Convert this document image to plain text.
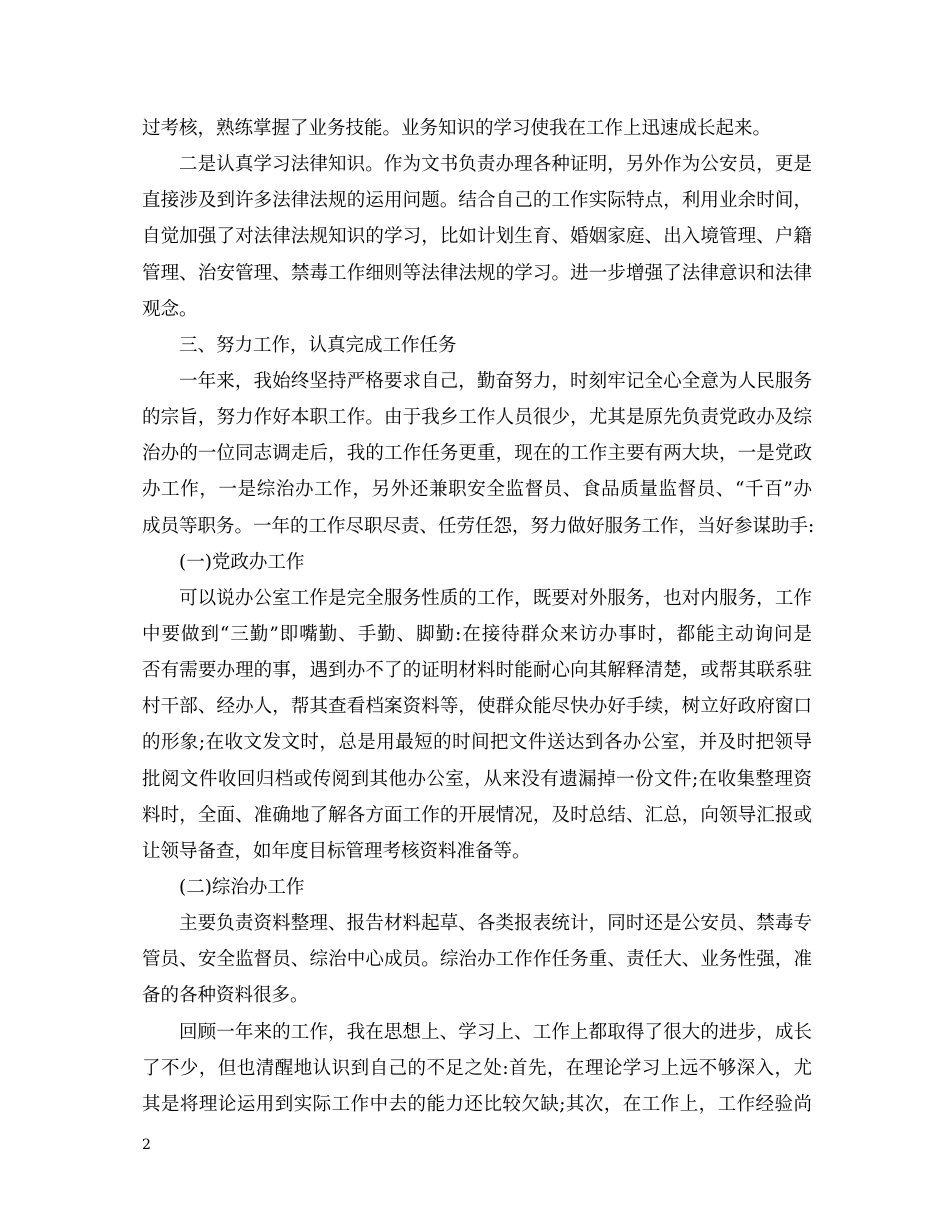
过考核，熟练掌握了业务技能。业务知识的学习使我在工作上迅速成长起来。
二是认真学习法律知识。作为文书负责办理各种证明，另外作为公安员，更是
直接涉及到许多法律法规的运用问题。结合自己的工作实际特点，利用业余时间，
自觉加强了对法律法规知识的学习，比如计划生育、婚姻家庭、出入境管理、户籍
管理、治安管理、禁毒工作细则等法律法规的学习。进一步增强了法律意识和法律
观念。
三、努力工作，认真完成工作任务
一年来，我始终坚持严格要求自己，勤奋努力，时刻牢记全心全意为人民服务
的宗旨，努力作好本职工作。由于我乡工作人员很少，尤其是原先负责党政办及综
治办的一位同志调走后，我的工作任务更重，现在的工作主要有两大块，一是党政
办工作，一是综治办工作，另外还兼职安全监督员、食品质量监督员、“千百”办
成员等职务。一年的工作尽职尽责、任劳任怨，努力做好服务工作，当好参谋助手:
(一)党政办工作
可以说办公室工作是完全服务性质的工作，既要对外服务，也对内服务，工作
中要做到“三勤”即嘴勤、手勤、脚勤:在接待群众来访办事时，都能主动询问是
否有需要办理的事，遇到办不了的证明材料时能耐心向其解释清楚，或帮其联系驻
村干部、经办人，帮其查看档案资料等，使群众能尽快办好手续，树立好政府窗口
的形象;在收文发文时，总是用最短的时间把文件送达到各办公室，并及时把领导
批阅文件收回归档或传阅到其他办公室，从来没有遗漏掉一份文件;在收集整理资
料时，全面、准确地了解各方面工作的开展情况，及时总结、汇总，向领导汇报或
让领导备查，如年度目标管理考核资料准备等。
(二)综治办工作
主要负责资料整理、报告材料起草、各类报表统计，同时还是公安员、禁毒专
管员、安全监督员、综治中心成员。综治办工作作任务重、责任大、业务性强，准
备的各种资料很多。
回顾一年来的工作，我在思想上、学习上、工作上都取得了很大的进步，成长
了不少，但也清醒地认识到自己的不足之处:首先，在理论学习上远不够深入，尤
其是将理论运用到实际工作中去的能力还比较欠缺;其次，在工作上，工作经验尚
2
